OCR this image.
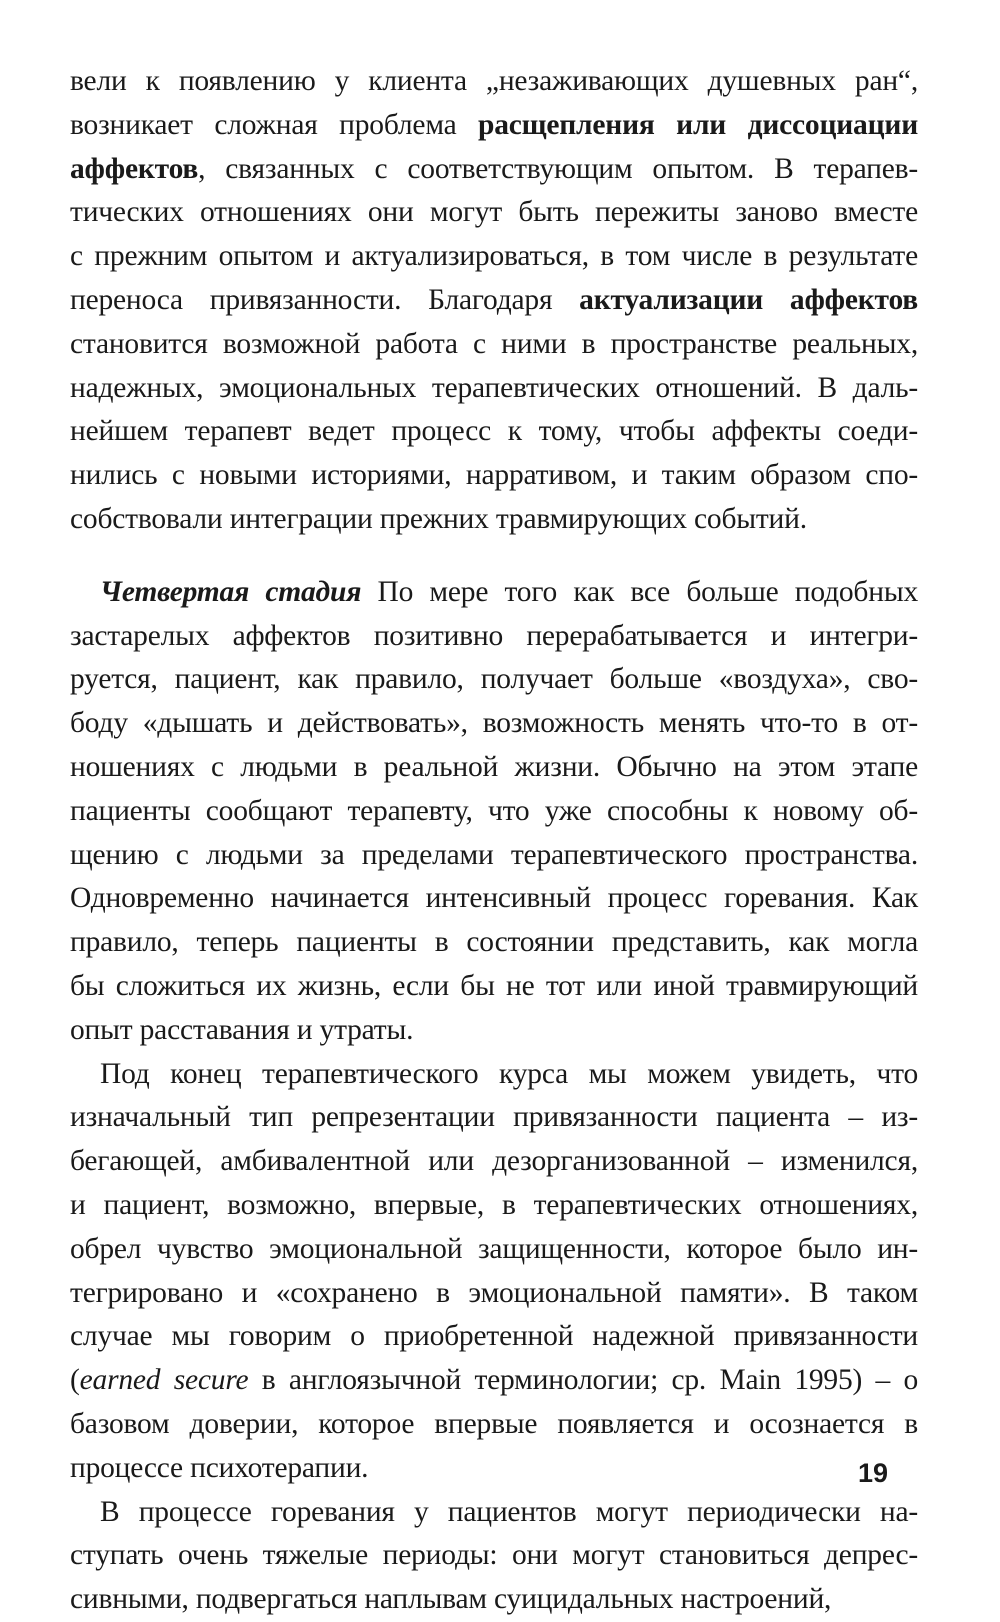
вели к появлению у клиента „незаживающих душевных ран“,
возникает сложная проблема расщепления или диссоциации
аффектов, связанных с соответствующим опытом. В терапев-
тических отношениях они могут быть пережиты заново вместе
с прежним опытом и актуализироваться, в том числе в результате
переноса привязанности. Благодаря актуализации аффектов
становится возможной работа с ними в пространстве реальных,
надежных, эмоциональных терапевтических отношений. В даль-
нейшем терапевт ведет процесс к тому, чтобы аффекты соеди-
нились с новыми историями, нарративом, и таким образом спо-
собствовали интеграции прежних травмирующих событий.
Четвертая стадия По мере того как все больше подобных
застарелых аффектов позитивно перерабатывается и интегри-
руется, пациент, как правило, получает больше «воздуха», сво-
боду «дышать и действовать», возможность менять что-то в от-
ношениях с людьми в реальной жизни. Обычно на этом этапе
пациенты сообщают терапевту, что уже способны к новому об-
щению с людьми за пределами терапевтического пространства.
Одновременно начинается интенсивный процесс горевания. Как
правило, теперь пациенты в состоянии представить, как могла
бы сложиться их жизнь, если бы не тот или иной травмирующий
опыт расставания и утраты.
Под конец терапевтического курса мы можем увидеть, что
изначальный тип репрезентации привязанности пациента – из-
бегающей, амбивалентной или дезорганизованной – изменился,
и пациент, возможно, впервые, в терапевтических отношениях,
обрел чувство эмоциональной защищенности, которое было ин-
тегрировано и «сохранено в эмоциональной памяти». В таком
случае мы говорим о приобретенной надежной привязанности
(earned secure в англоязычной терминологии; ср. Main 1995) – о
базовом доверии, которое впервые появляется и осознается в
процессе психотерапии.
В процессе горевания у пациентов могут периодически на-
ступать очень тяжелые периоды: они могут становиться депрес-
сивными, подвергаться наплывам суицидальных настроений,
19
